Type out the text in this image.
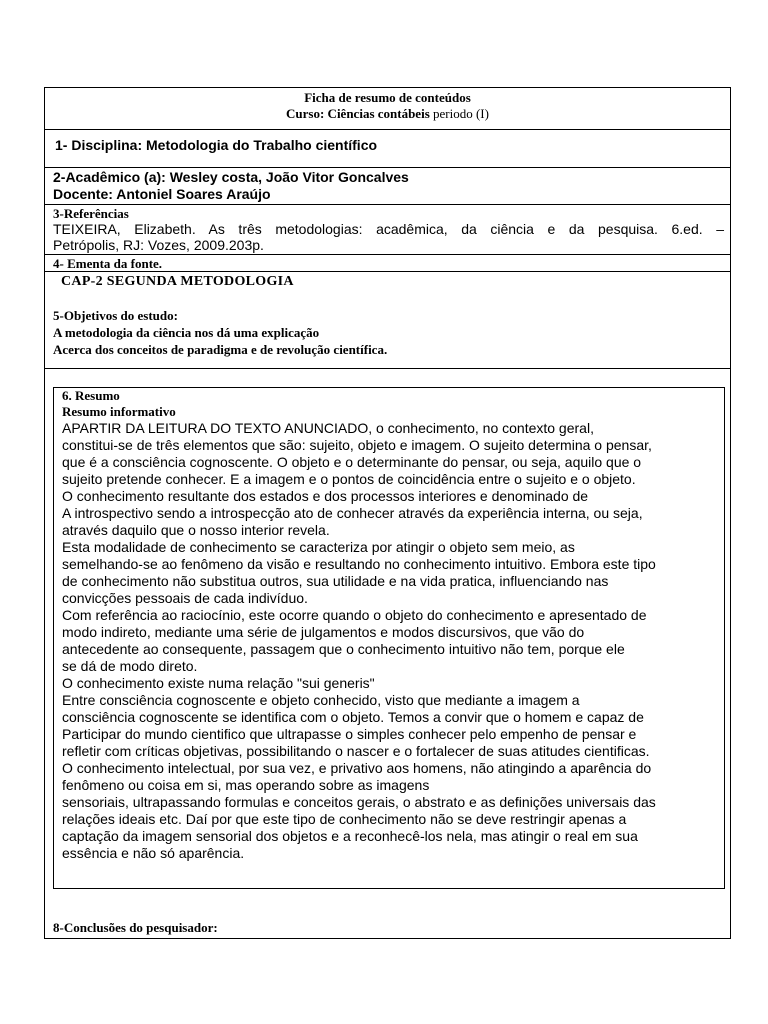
Ficha de resumo de conteúdos
Curso: Ciências contábeis periodo (I)
1- Disciplina: Metodologia do Trabalho científico
2-Acadêmico (a): Wesley costa, João Vitor Goncalves
Docente: Antoniel Soares Araújo
3-Referências
TEIXEIRA, Elizabeth. As três metodologias: acadêmica, da ciência e da pesquisa. 6.ed. –
Petrópolis, RJ: Vozes, 2009.203p.
4- Ementa da fonte.
CAP-2 SEGUNDA METODOLOGIA
5-Objetivos do estudo:
A metodologia da ciência nos dá uma explicação
Acerca dos conceitos de paradigma e de revolução científica.
6. Resumo
Resumo informativo
APARTIR DA LEITURA DO TEXTO ANUNCIADO, o conhecimento, no contexto geral,
constitui-se de três elementos que são: sujeito, objeto e imagem. O sujeito determina o pensar,
que é a consciência cognoscente. O objeto e o determinante do pensar, ou seja, aquilo que o
sujeito pretende conhecer. E a imagem e o pontos de coincidência entre o sujeito e o objeto.
O conhecimento resultante dos estados e dos processos interiores e denominado de
A introspectivo sendo a introspecção ato de conhecer através da experiência interna, ou seja,
através daquilo que o nosso interior revela.
Esta modalidade de conhecimento se caracteriza por atingir o objeto sem meio, as
semelhando-se ao fenômeno da visão e resultando no conhecimento intuitivo. Embora este tipo
de conhecimento não substitua outros, sua utilidade e na vida pratica, influenciando nas
convicções pessoais de cada indivíduo.
Com referência ao raciocínio, este ocorre quando o objeto do conhecimento e apresentado de
modo indireto, mediante uma série de julgamentos e modos discursivos, que vão do
antecedente ao consequente, passagem que o conhecimento intuitivo não tem, porque ele
se dá de modo direto.
O conhecimento existe numa relação "sui generis"
Entre consciência cognoscente e objeto conhecido, visto que mediante a imagem a
consciência cognoscente se identifica com o objeto. Temos a convir que o homem e capaz de
Participar do mundo cientifico que ultrapasse o simples conhecer pelo empenho de pensar e
refletir com críticas objetivas, possibilitando o nascer e o fortalecer de suas atitudes cientificas.
O conhecimento intelectual, por sua vez, e privativo aos homens, não atingindo a aparência do
fenômeno ou coisa em si, mas operando sobre as imagens
sensoriais, ultrapassando formulas e conceitos gerais, o abstrato e as definições universais das
relações ideais etc. Daí por que este tipo de conhecimento não se deve restringir apenas a
captação da imagem sensorial dos objetos e a reconhecê-los nela, mas atingir o real em sua
essência e não só aparência.
8-Conclusões do pesquisador:
